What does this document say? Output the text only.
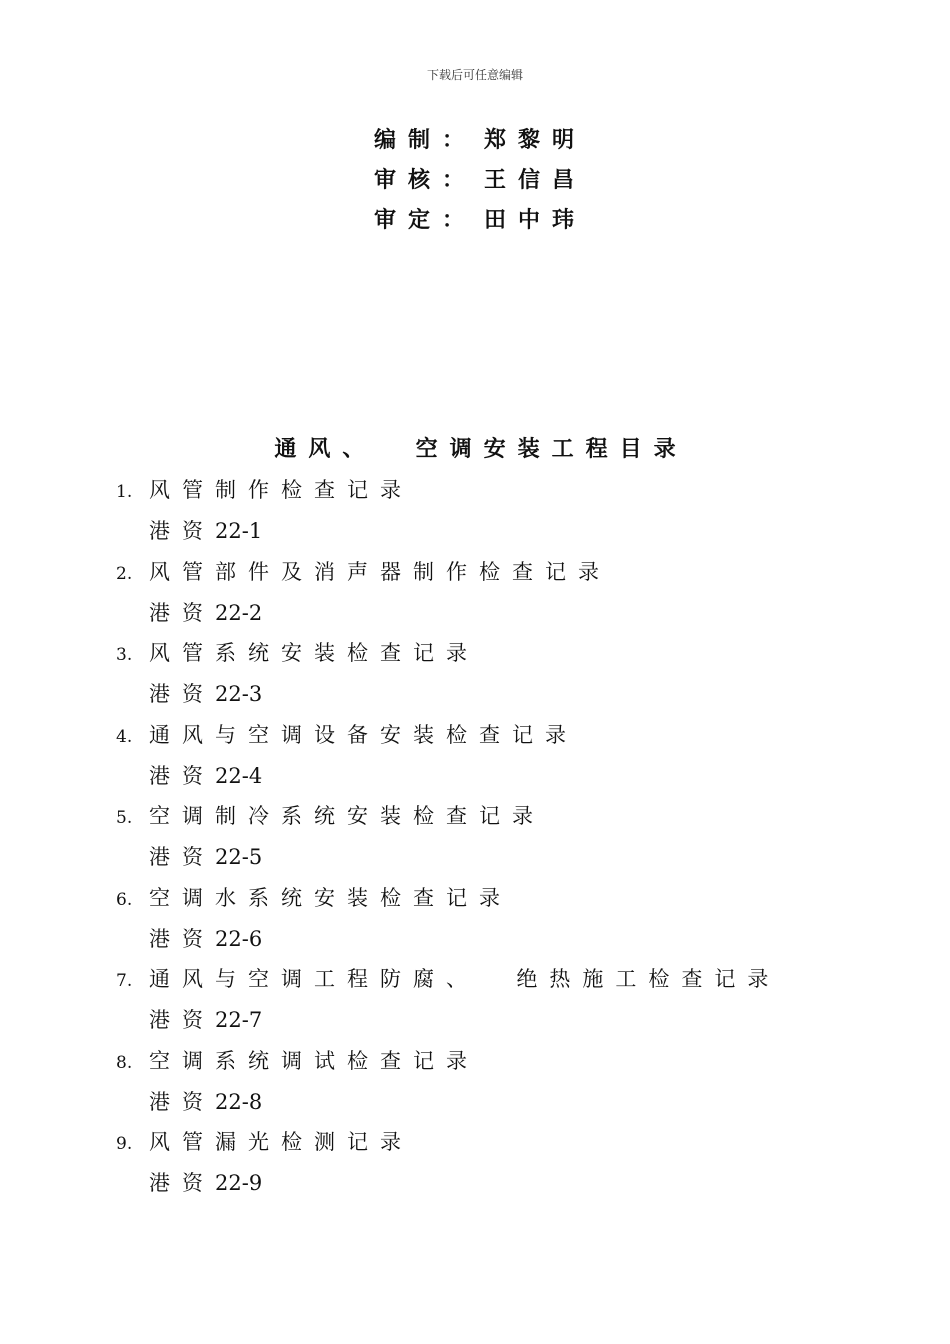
下载后可任意编辑
编制 ： 郑黎明
审核 ： 王信昌
审定 ： 田中玮
通风、  空调安装工程目录
1. 风管制作检查记录
港资22-1
2. 风管部件及消声器制作检查记录
港资22-2
3. 风管系统安装检查记录
港资22-3
4. 通风与空调设备安装检查记录
港资22-4
5. 空调制冷系统安装检查记录
港资22-5
6. 空调水系统安装检查记录
港资22-6
7. 通风与空调工程防腐、  绝热施工检查记录
港资22-7
8. 空调系统调试检查记录
港资22-8
9. 风管漏光检测记录
港资22-9
